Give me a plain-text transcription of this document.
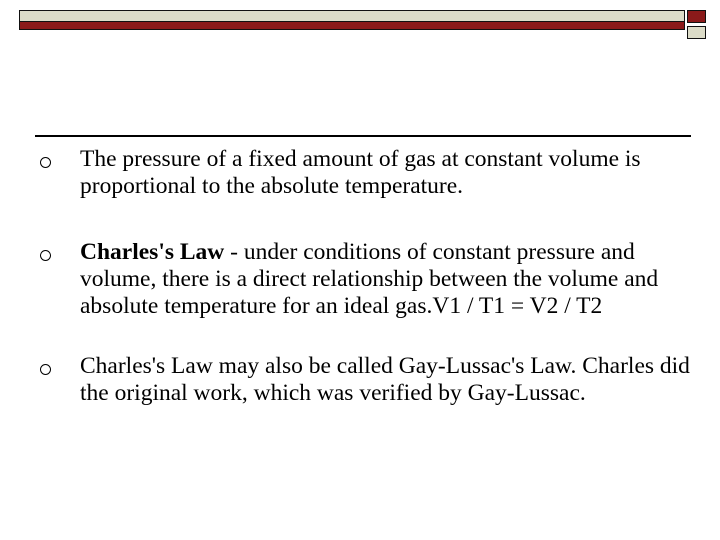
The pressure of a fixed amount of gas at constant volume is proportional to the absolute temperature.
Charles's Law - under conditions of constant pressure and volume, there is a direct relationship between the volume and absolute temperature for an ideal gas.V1 / T1 = V2 / T2
Charles's Law may also be called Gay-Lussac's Law. Charles did the original work, which was verified by Gay-Lussac.
